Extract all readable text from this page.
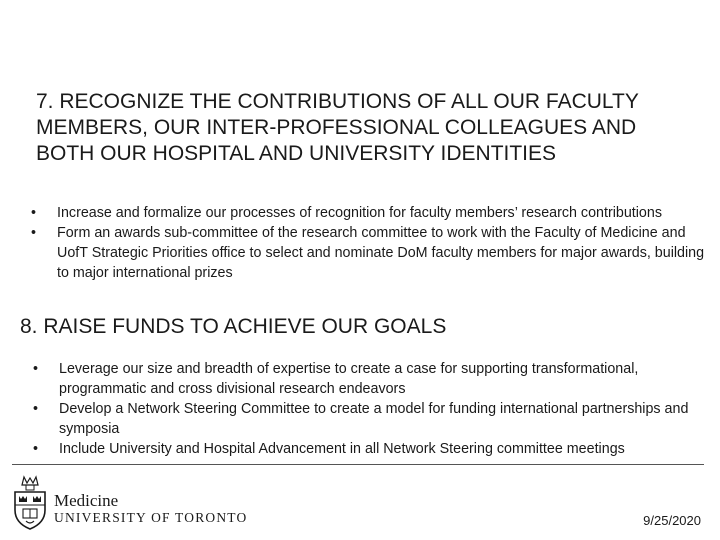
7. RECOGNIZE THE CONTRIBUTIONS OF ALL OUR FACULTY MEMBERS, OUR INTER-PROFESSIONAL COLLEAGUES AND BOTH OUR HOSPITAL AND UNIVERSITY IDENTITIES
• Increase and formalize our processes of recognition for faculty members’ research contributions
• Form an awards sub-committee of the research committee to work with the Faculty of Medicine and UofT Strategic Priorities office to select and nominate DoM faculty members for major awards, building to major international prizes
8. RAISE FUNDS TO ACHIEVE OUR GOALS
• Leverage our size and breadth of expertise to create a case for supporting transformational, programmatic and cross divisional research endeavors
• Develop a Network Steering Committee to create a model for funding international partnerships and symposia
• Include University and Hospital Advancement in all Network Steering committee meetings
Medicine
UNIVERSITY OF TORONTO	9/25/2020
